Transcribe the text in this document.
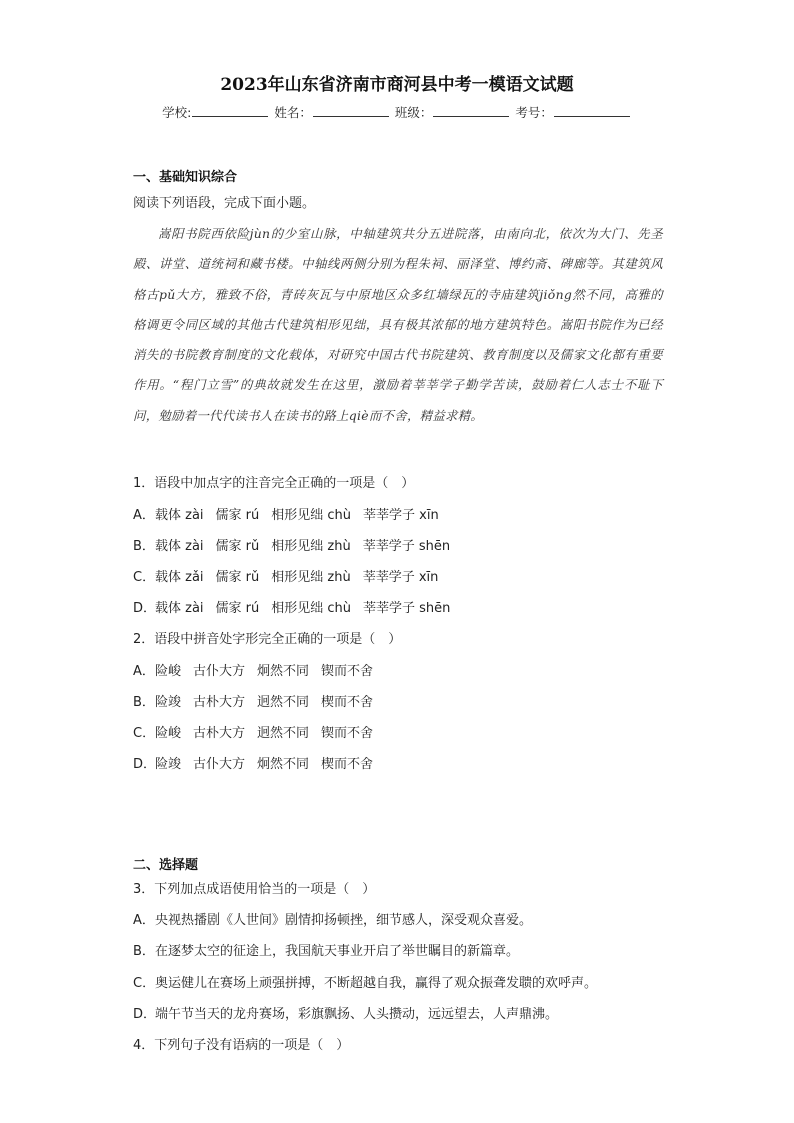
2023年山东省济南市商河县中考一模语文试题
学校:	姓名：	班级：	考号：
一、基础知识综合
阅读下列语段，完成下面小题。
嵩阳书院西依险jùn的少室山脉，中轴建筑共分五进院落，由南向北，依次为大门、先圣殿、讲堂、道统祠和藏书楼。中轴线两侧分别为程朱祠、丽泽堂、博约斋、碑廊等。其建筑风格古pǔ大方，雅致不俗，青砖灰瓦与中原地区众多红墙绿瓦的寺庙建筑jiǒng然不同，高雅的格调更令同区域的其他古代建筑相形见绌，具有极其浓郁的地方建筑特色。嵩阳书院作为已经消失的书院教育制度的文化载体，对研究中国古代书院建筑、教育制度以及儒家文化都有重要作用。“程门立雪”的典故就发生在这里，激励着莘莘学子勤学苦读，鼓励着仁人志士不耻下问，勉励着一代代读书人在读书的路上qiè而不舍，精益求精。
1．语段中加点字的注音完全正确的一项是（　）
A．载体 zài 儒家 rú 相形见绌 chù 莘莘学子 xīn
B．载体 zài 儒家 rǔ 相形见绌 zhù 莘莘学子 shēn
C．载体 zǎi 儒家 rǔ 相形见绌 zhù 莘莘学子 xīn
D．载体 zài 儒家 rú 相形见绌 chù 莘莘学子 shēn
2．语段中拼音处字形完全正确的一项是（　）
A．险峻 古仆大方 炯然不同 锲而不舍
B．险竣 古朴大方 迥然不同 楔而不舍
C．险峻 古朴大方 迥然不同 锲而不舍
D．险竣 古仆大方 炯然不同 楔而不舍
二、选择题
3．下列加点成语使用恰当的一项是（　）
A．央视热播剧《人世间》剧情抑扬顿挫，细节感人，深受观众喜爱。
B．在逐梦太空的征途上，我国航天事业开启了举世瞩目的新篇章。
C．奥运健儿在赛场上顽强拼搏，不断超越自我，赢得了观众振聋发聩的欢呼声。
D．端午节当天的龙舟赛场，彩旗飘扬、人头攒动，远远望去，人声鼎沸。
4．下列句子没有语病的一项是（　）
